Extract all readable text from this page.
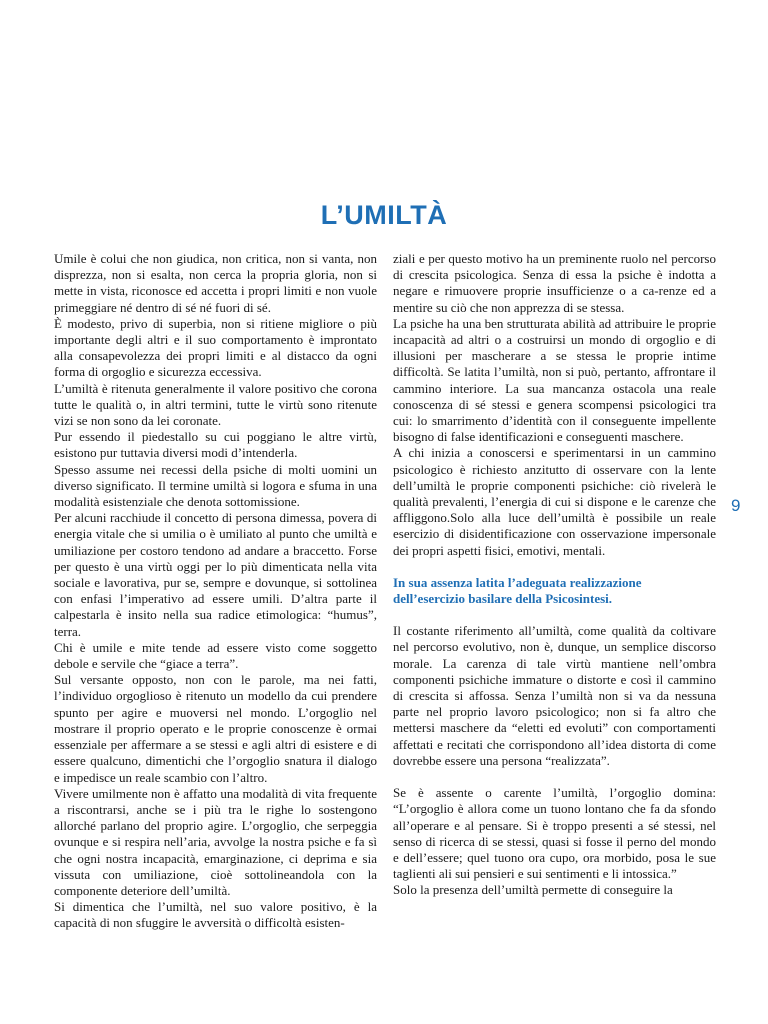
L’UMILTÀ

Umile è colui che non giudica, non critica, non si vanta, non disprezza, non si esalta, non cerca la propria gloria, non si mette in vista, riconosce ed accetta i propri limiti e non vuole primeggiare né dentro di sé né fuori di sé.

È modesto, privo di superbia, non si ritiene migliore o più importante degli altri e il suo comportamento è improntato alla consapevolezza dei propri limiti e al distacco da ogni forma di orgoglio e sicurezza eccessiva.

L’umiltà è ritenuta generalmente il valore positivo che corona tutte le qualità o, in altri termini, tutte le virtù sono ritenute vizi se non sono da lei coronate.

Pur essendo il piedestallo su cui poggiano le altre virtù, esistono pur tuttavia diversi modi d’intenderla.

Spesso assume nei recessi della psiche di molti uomini un diverso significato. Il termine umiltà si logora e sfuma in una modalità esistenziale che denota sottomissione.

Per alcuni racchiude il concetto di persona dimessa, povera di energia vitale che si umilia o è umiliato al punto che umiltà e umiliazione per costoro tendono ad andare a braccetto. Forse per questo è una virtù oggi per lo più dimenticata nella vita sociale e lavorativa, pur se, sempre e dovunque, si sottolinea con enfasi l’imperativo ad essere umili. D’altra parte il calpestarla è insito nella sua radice etimologica: “humus”, terra.

Chi è umile e mite tende ad essere visto come soggetto debole e servile che “giace a terra”.

Sul versante opposto, non con le parole, ma nei fatti, l’individuo orgoglioso è ritenuto un modello da cui prendere spunto per agire e muoversi nel mondo. L’orgoglio nel mostrare il proprio operato e le proprie conoscenze è ormai essenziale per affermare a se stessi e agli altri di esistere e di essere qualcuno, dimentichi che l’orgoglio snatura il dialogo e impedisce un reale scambio con l’altro.

Vivere umilmente non è affatto una modalità di vita frequente a riscontrarsi, anche se i più tra le righe lo sostengono allorché parlano del proprio agire. L’orgoglio, che serpeggia ovunque e si respira nell’aria, avvolge la nostra psiche e fa sì che ogni nostra incapacità, emarginazione, ci deprima e sia vissuta con umiliazione, cioè sottolineandola con la componente deteriore dell’umiltà.

Si dimentica che l’umiltà, nel suo valore positivo, è la capacità di non sfuggire le avversità o difficoltà esisten-

ziali e per questo motivo ha un preminente ruolo nel percorso di crescita psicologica. Senza di essa la psiche è indotta a negare e rimuovere proprie insufficienze o a ca-renze ed a mentire su ciò che non apprezza di se stessa.

La psiche ha una ben strutturata abilità ad attribuire le proprie incapacità ad altri o a costruirsi un mondo di orgoglio e di illusioni per mascherare a se stessa le proprie intime difficoltà. Se latita l’umiltà, non si può, pertanto, affrontare il cammino interiore. La sua mancanza ostacola una reale conoscenza di sé stessi e genera scompensi psicologici tra cui: lo smarrimento d’identità con il conseguente impellente bisogno di false identificazioni e conseguenti maschere.

A chi inizia a conoscersi e sperimentarsi in un cammino psicologico è richiesto anzitutto di osservare con la lente dell’umiltà le proprie componenti psichiche: ciò rivelerà le qualità prevalenti, l’energia di cui si dispone e le carenze che affliggono.Solo alla luce dell’umiltà è possibile un reale esercizio di disidentificazione con osservazione impersonale dei propri aspetti fisici, emotivi, mentali.

In sua assenza latita l’adeguata realizzazione dell’esercizio basilare della Psicosintesi.

Il costante riferimento all’umiltà, come qualità da coltivare nel percorso evolutivo, non è, dunque, un semplice discorso morale. La carenza di tale virtù mantiene nell’ombra componenti psichiche immature o distorte e così il cammino di crescita si affossa. Senza l’umiltà non si va da nessuna parte nel proprio lavoro psicologico; non si fa altro che mettersi maschere da “eletti ed evoluti” con comportamenti affettati e recitati che corrispondono all’idea distorta di come dovrebbe essere una persona “realizzata”.

Se è assente o carente l’umiltà, l’orgoglio domina: “L’orgoglio è allora come un tuono lontano che fa da sfondo all’operare e al pensare. Si è troppo presenti a sé stessi, nel senso di ricerca di se stessi, quasi si fosse il perno del mondo e dell’essere; quel tuono ora cupo, ora morbido, posa le sue taglienti ali sui pensieri e sui sentimenti e li intossica.”

Solo la presenza dell’umiltà permette di conseguire la

9
